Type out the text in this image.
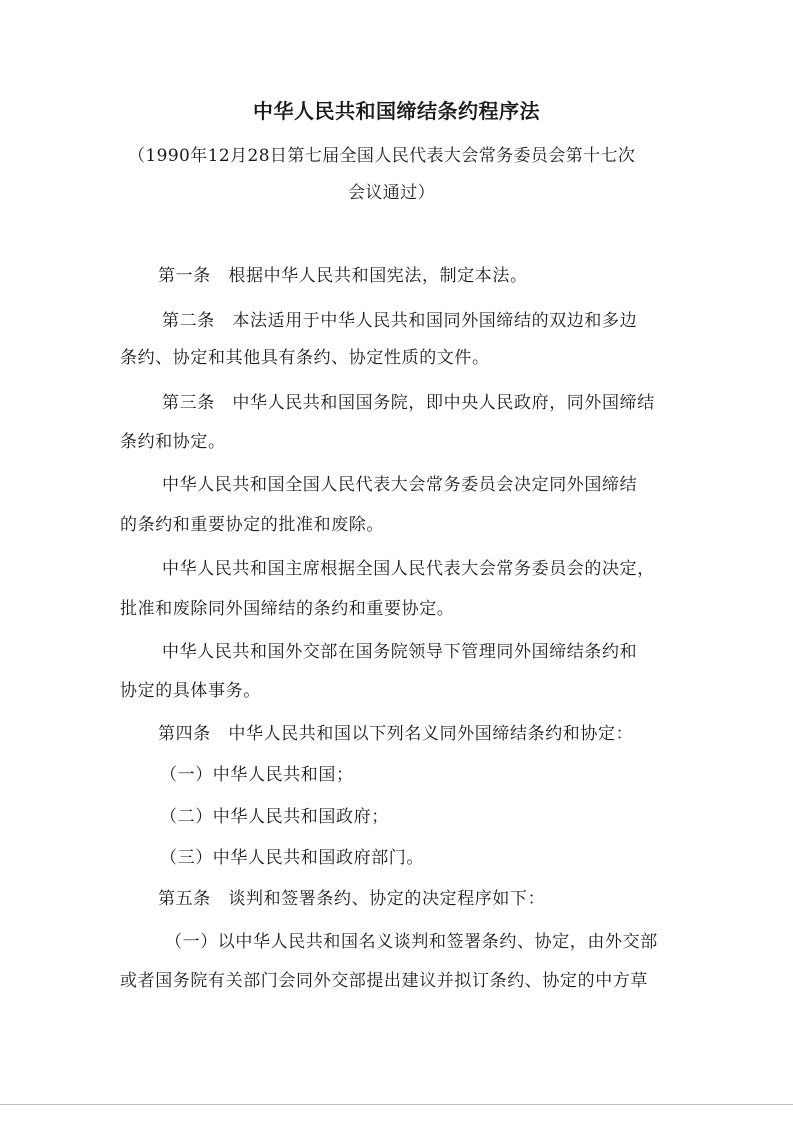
中华人民共和国缔结条约程序法
（1990年12月28日第七届全国人民代表大会常务委员会第十七次
会议通过）
第一条　根据中华人民共和国宪法，制定本法。
第二条　本法适用于中华人民共和国同外国缔结的双边和多边
条约、协定和其他具有条约、协定性质的文件。
第三条　中华人民共和国国务院，即中央人民政府，同外国缔结
条约和协定。
中华人民共和国全国人民代表大会常务委员会决定同外国缔结
的条约和重要协定的批准和废除。
中华人民共和国主席根据全国人民代表大会常务委员会的决定，
批准和废除同外国缔结的条约和重要协定。
中华人民共和国外交部在国务院领导下管理同外国缔结条约和
协定的具体事务。
第四条　中华人民共和国以下列名义同外国缔结条约和协定：
（一）中华人民共和国；
（二）中华人民共和国政府；
（三）中华人民共和国政府部门。
第五条　谈判和签署条约、协定的决定程序如下：
（一）以中华人民共和国名义谈判和签署条约、协定，由外交部
或者国务院有关部门会同外交部提出建议并拟订条约、协定的中方草
